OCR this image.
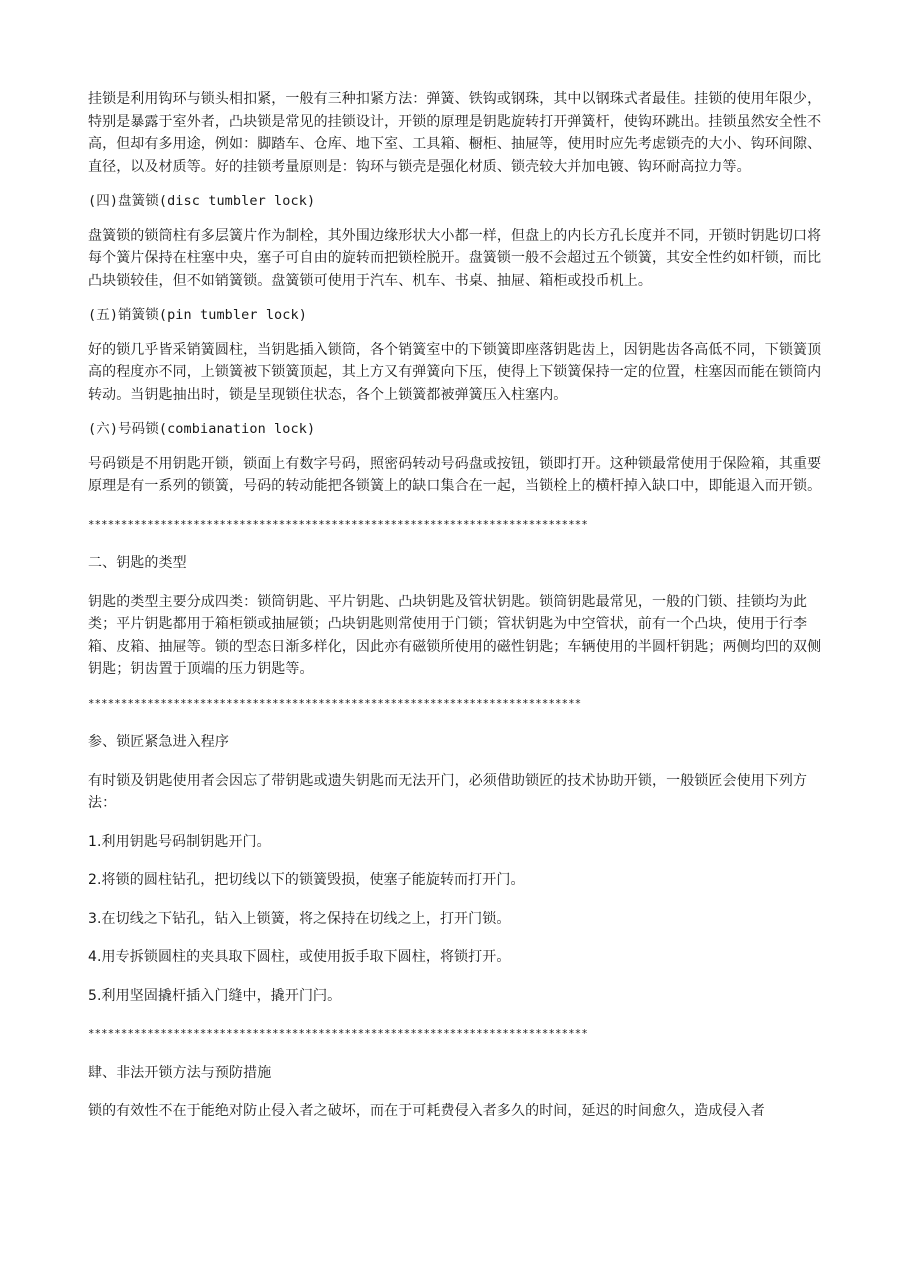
挂锁是利用钩环与锁头相扣紧，一般有三种扣紧方法：弹簧、铁钩或钢珠，其中以钢珠式者最佳。挂锁的使用年限少，特别是暴露于室外者，凸块锁是常见的挂锁设计，开锁的原理是钥匙旋转打开弹簧杆，使钩环跳出。挂锁虽然安全性不高，但却有多用途，例如：脚踏车、仓库、地下室、工具箱、橱柜、抽屉等，使用时应先考虑锁壳的大小、钩环间隙、直径，以及材质等。好的挂锁考量原则是：钩环与锁壳是强化材质、锁壳较大并加电镀、钩环耐高拉力等。

(四)盘簧锁(disc tumbler lock)

盘簧锁的锁筒柱有多层簧片作为制栓，其外围边缘形状大小都一样，但盘上的内长方孔长度并不同，开锁时钥匙切口将每个簧片保持在柱塞中央，塞子可自由的旋转而把锁栓脱开。盘簧锁一般不会超过五个锁簧，其安全性约如杆锁，而比凸块锁较佳，但不如销簧锁。盘簧锁可使用于汽车、机车、书桌、抽屉、箱柜或投币机上。

(五)销簧锁(pin tumbler lock)

好的锁几乎皆采销簧圆柱，当钥匙插入锁筒，各个销簧室中的下锁簧即座落钥匙齿上，因钥匙齿各高低不同，下锁簧顶高的程度亦不同，上锁簧被下锁簧顶起，其上方又有弹簧向下压，使得上下锁簧保持一定的位置，柱塞因而能在锁筒内转动。当钥匙抽出时，锁是呈现锁住状态，各个上锁簧都被弹簧压入柱塞内。

(六)号码锁(combianation lock)

号码锁是不用钥匙开锁，锁面上有数字号码，照密码转动号码盘或按钮，锁即打开。这种锁最常使用于保险箱，其重要原理是有一系列的锁簧，号码的转动能把各锁簧上的缺口集合在一起，当锁栓上的横杆掉入缺口中，即能退入而开锁。

****************************************************************************

二、钥匙的类型

钥匙的类型主要分成四类：锁筒钥匙、平片钥匙、凸块钥匙及管状钥匙。锁筒钥匙最常见，一般的门锁、挂锁均为此类；平片钥匙都用于箱柜锁或抽屉锁；凸块钥匙则常使用于门锁；管状钥匙为中空管状，前有一个凸块，使用于行李箱、皮箱、抽屉等。锁的型态日渐多样化，因此亦有磁锁所使用的磁性钥匙；车辆使用的半圆杆钥匙；两侧均凹的双侧钥匙；钥齿置于顶端的压力钥匙等。

***************************************************************************

参、锁匠紧急进入程序

有时锁及钥匙使用者会因忘了带钥匙或遗失钥匙而无法开门，必须借助锁匠的技术协助开锁，一般锁匠会使用下列方法：

1.利用钥匙号码制钥匙开门。

2.将锁的圆柱钻孔，把切线以下的锁簧毁损，使塞子能旋转而打开门。

3.在切线之下钻孔，钻入上锁簧，将之保持在切线之上，打开门锁。

4.用专拆锁圆柱的夹具取下圆柱，或使用扳手取下圆柱，将锁打开。

5.利用坚固撬杆插入门缝中，撬开门闩。

****************************************************************************

肆、非法开锁方法与预防措施

锁的有效性不在于能绝对防止侵入者之破坏，而在于可耗费侵入者多久的时间，延迟的时间愈久，造成侵入者
